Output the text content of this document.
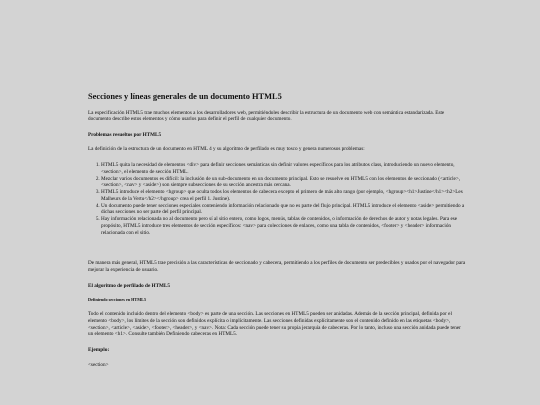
Secciones y líneas generales de un documento HTML5

La especificación HTML5 trae muchos elementos a los desarrolladores web, permitiéndoles describir la estructura de un documento web con semántica estandarizada. Este documento describe estos elementos y cómo usarlos para definir el perfil de cualquier documento.

Problemas resueltos por HTML5

La definición de la estructura de un documento en HTML 4 y su algoritmo de perfilado es muy tosco y genera numerosos problemas:

1. HTML5 quita la necesidad de elementos <div> para definir secciones semánticas sin definir valores específicos para los atributos class, introduciendo un nuevo elemento, <section>, el elemento de sección HTML.
2. Mezclar varios documentos es difícil: la inclusión de un sub-documento en un documento principal. Esto se resuelve en HTML5 con los elementos de seccionado (<article>, <section>, <nav> y <aside>) son siempre subsecciones de su sección ancestra más cercana.
3. HTML5 introduce el elemento <hgroup> que oculta todos los elementos de cabecera excepto el primero de más alto rango (por ejemplo, <hgroup><h1>Justine</h1><h2>Les Malheurs de la Vertu</h2></hgroup> crea el perfil 1. Justine).
4. Un documento puede tener secciones especiales conteniendo información relacionado que no es parte del flujo principal. HTML5 introduce el elemento <aside> permitiendo a dichas secciones no ser parte del perfil principal.
5. Hay información relacionada no al documento pero sí al sitio entero, como logos, menús, tablas de contenidos, o información de derechos de autor y notas legales. Para ese propósito, HTML5 introduce tres elementos de sección específicos: <nav> para colecciones de enlaces, como una tabla de contenidos, <footer> y <header> información relacionada con el sitio.

De manera más general, HTML5 trae precisión a las características de seccionado y cabecera, permitiendo a los perfiles de documento ser predecibles y usados por el navegador para mejorar la experiencia de usuario.

El algoritmo de perfilado de HTML5
Definiendo secciones en HTML5

Todo el contenido incluido dentro del elemento <body> es parte de una sección. Las secciones en HTML5 pueden ser anidadas. Además de la sección principal, definida por el elemento <body>, los límites de la sección son definidos explícita o implícitamente. Las secciones definidas explícitamente son el contenido definido en las etiquetas <body>, <section>, <article>, <aside>, <footer>, <header>, y <nav>. Nota: Cada sección puede tener su propia jerarquía de cabeceras. Por lo tanto, incluso una sección anidada puede tener un elemento <h1>. Consulte también Definiendo cabeceras en HTML5.

Ejemplo:

<section>
